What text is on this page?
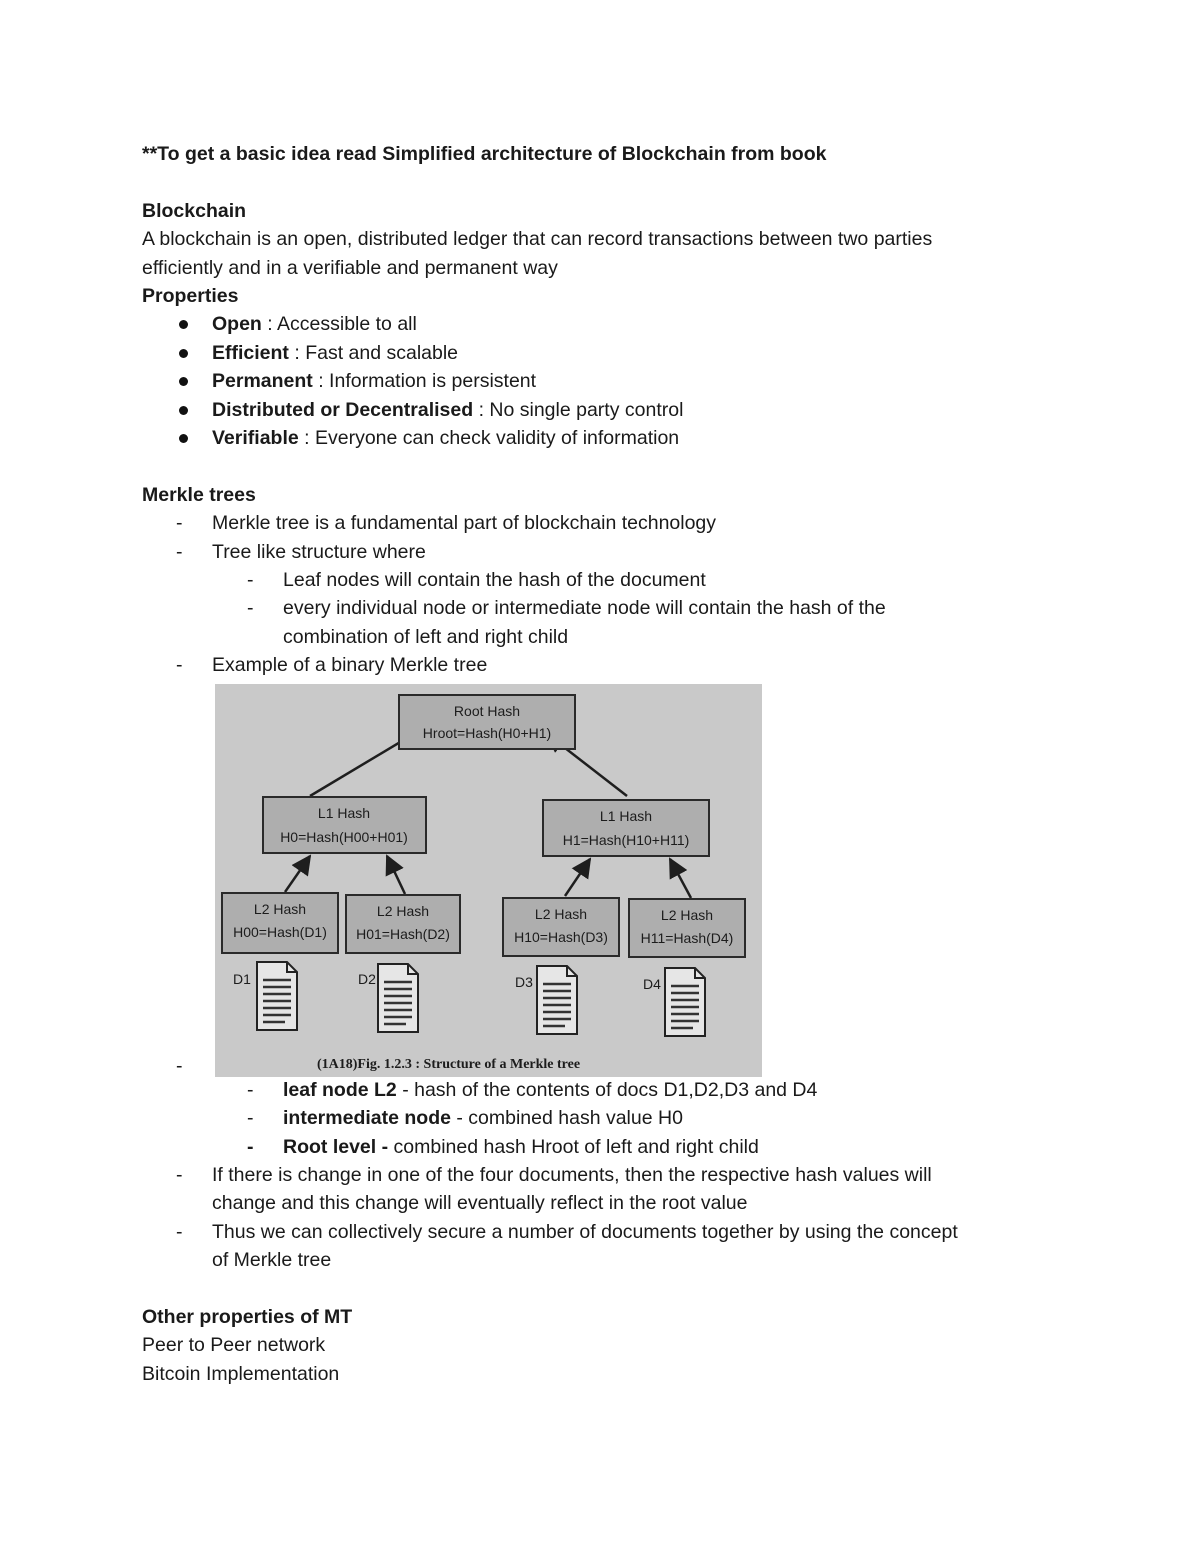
**To get a basic idea read Simplified architecture of Blockchain from book
Blockchain
A blockchain is an open, distributed ledger that can record transactions between two parties
efficiently and in a verifiable and permanent way
Properties
Open : Accessible to all
Efficient : Fast and scalable
Permanent : Information is persistent
Distributed or Decentralised : No single party control
Verifiable : Everyone can check validity of information
Merkle trees
-	Merkle tree is a fundamental part of blockchain technology
-	Tree like structure where
-	Leaf nodes will contain the hash of the document
-	every individual node or intermediate node will contain the hash of the
combination of left and right child
-	Example of a binary Merkle tree
-
Root Hash
Hroot=Hash(H0+H1)
L1 Hash
H0=Hash(H00+H01)
L1 Hash
H1=Hash(H10+H11)
L2 Hash
H00=Hash(D1)
L2 Hash
H01=Hash(D2)
L2 Hash
H10=Hash(D3)
L2 Hash
H11=Hash(D4)
D1	D2	D3	D4
(1A18)Fig. 1.2.3 : Structure of a Merkle tree
-	leaf node L2 - hash of the contents of docs D1,D2,D3 and D4
-	intermediate node - combined hash value H0
-	Root level - combined hash Hroot of left and right child
-	If there is change in one of the four documents, then the respective hash values will
change and this change will eventually reflect in the root value
-	Thus we can collectively secure a number of documents together by using the concept
of Merkle tree
Other properties of MT
Peer to Peer network
Bitcoin Implementation
